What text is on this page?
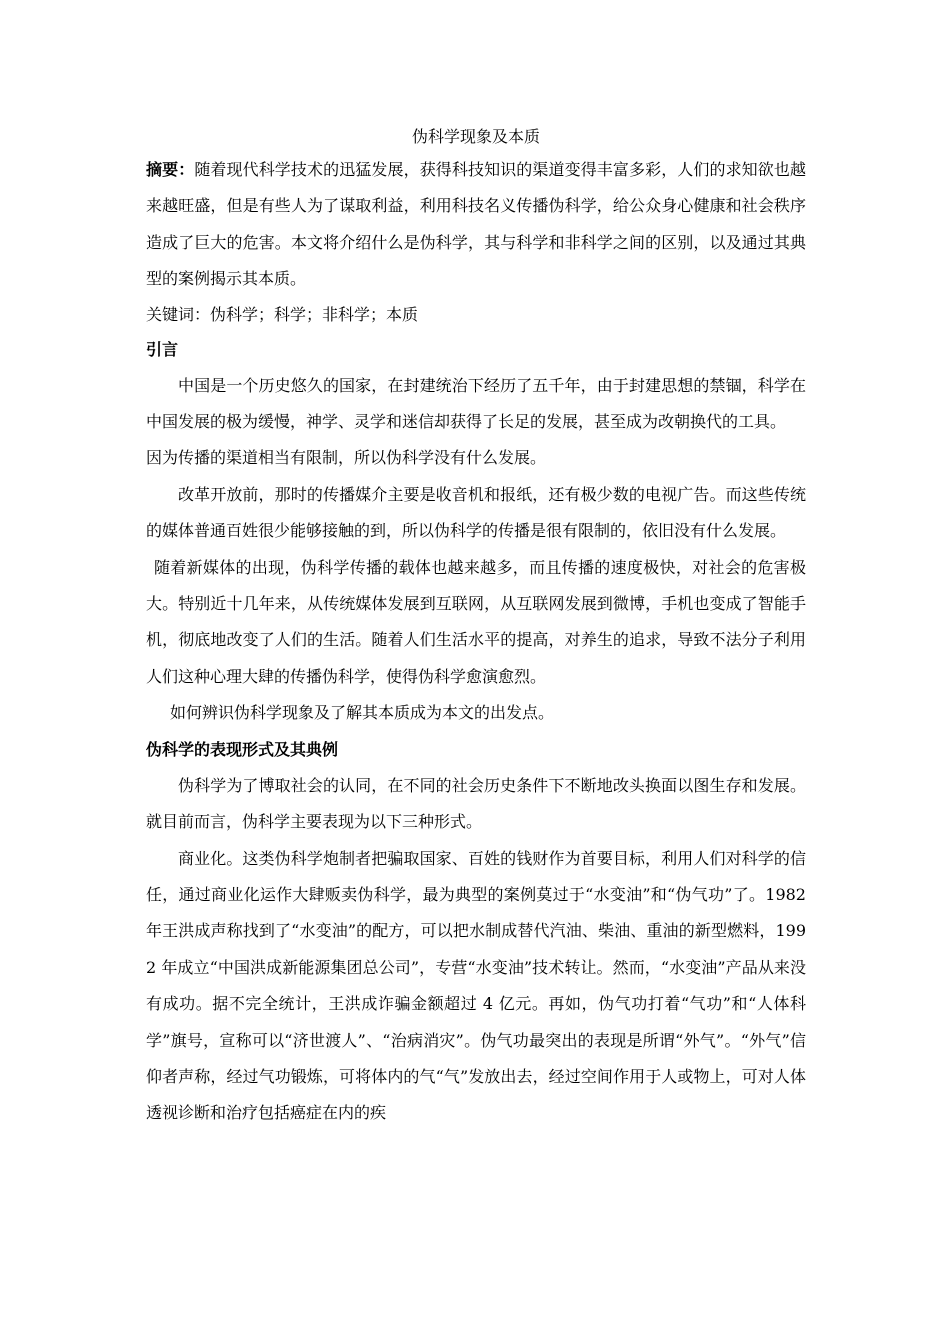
伪科学现象及本质

摘要：随着现代科学技术的迅猛发展，获得科技知识的渠道变得丰富多彩，人们的求知欲也越来越旺盛，但是有些人为了谋取利益，利用科技名义传播伪科学，给公众身心健康和社会秩序造成了巨大的危害。本文将介绍什么是伪科学，其与科学和非科学之间的区别，以及通过其典型的案例揭示其本质。

关键词：伪科学；科学；非科学；本质

引言

中国是一个历史悠久的国家，在封建统治下经历了五千年，由于封建思想的禁锢，科学在中国发展的极为缓慢，神学、灵学和迷信却获得了长足的发展，甚至成为改朝换代的工具。

因为传播的渠道相当有限制，所以伪科学没有什么发展。

改革开放前，那时的传播媒介主要是收音机和报纸，还有极少数的电视广告。而这些传统的媒体普通百姓很少能够接触的到，所以伪科学的传播是很有限制的，依旧没有什么发展。

随着新媒体的出现，伪科学传播的载体也越来越多，而且传播的速度极快，对社会的危害极大。特别近十几年来，从传统媒体发展到互联网，从互联网发展到微博，手机也变成了智能手机，彻底地改变了人们的生活。随着人们生活水平的提高，对养生的追求，导致不法分子利用人们这种心理大肆的传播伪科学，使得伪科学愈演愈烈。

如何辨识伪科学现象及了解其本质成为本文的出发点。

伪科学的表现形式及其典例

伪科学为了博取社会的认同，在不同的社会历史条件下不断地改头换面以图生存和发展。就目前而言，伪科学主要表现为以下三种形式。

商业化。这类伪科学炮制者把骗取国家、百姓的钱财作为首要目标，利用人们对科学的信任，通过商业化运作大肆贩卖伪科学，最为典型的案例莫过于“水变油”和“伪气功”了。1982 年王洪成声称找到了“水变油”的配方，可以把水制成替代汽油、柴油、重油的新型燃料，1992 年成立“中国洪成新能源集团总公司”，专营“水变油”技术转让。然而，“水变油”产品从来没有成功。据不完全统计，王洪成诈骗金额超过 4 亿元。再如，伪气功打着“气功”和“人体科学”旗号，宣称可以“济世渡人”、“治病消灾”。伪气功最突出的表现是所谓“外气”。“外气”信仰者声称，经过气功锻炼，可将体内的气“气”发放出去，经过空间作用于人或物上，可对人体透视诊断和治疗包括癌症在内的疾
